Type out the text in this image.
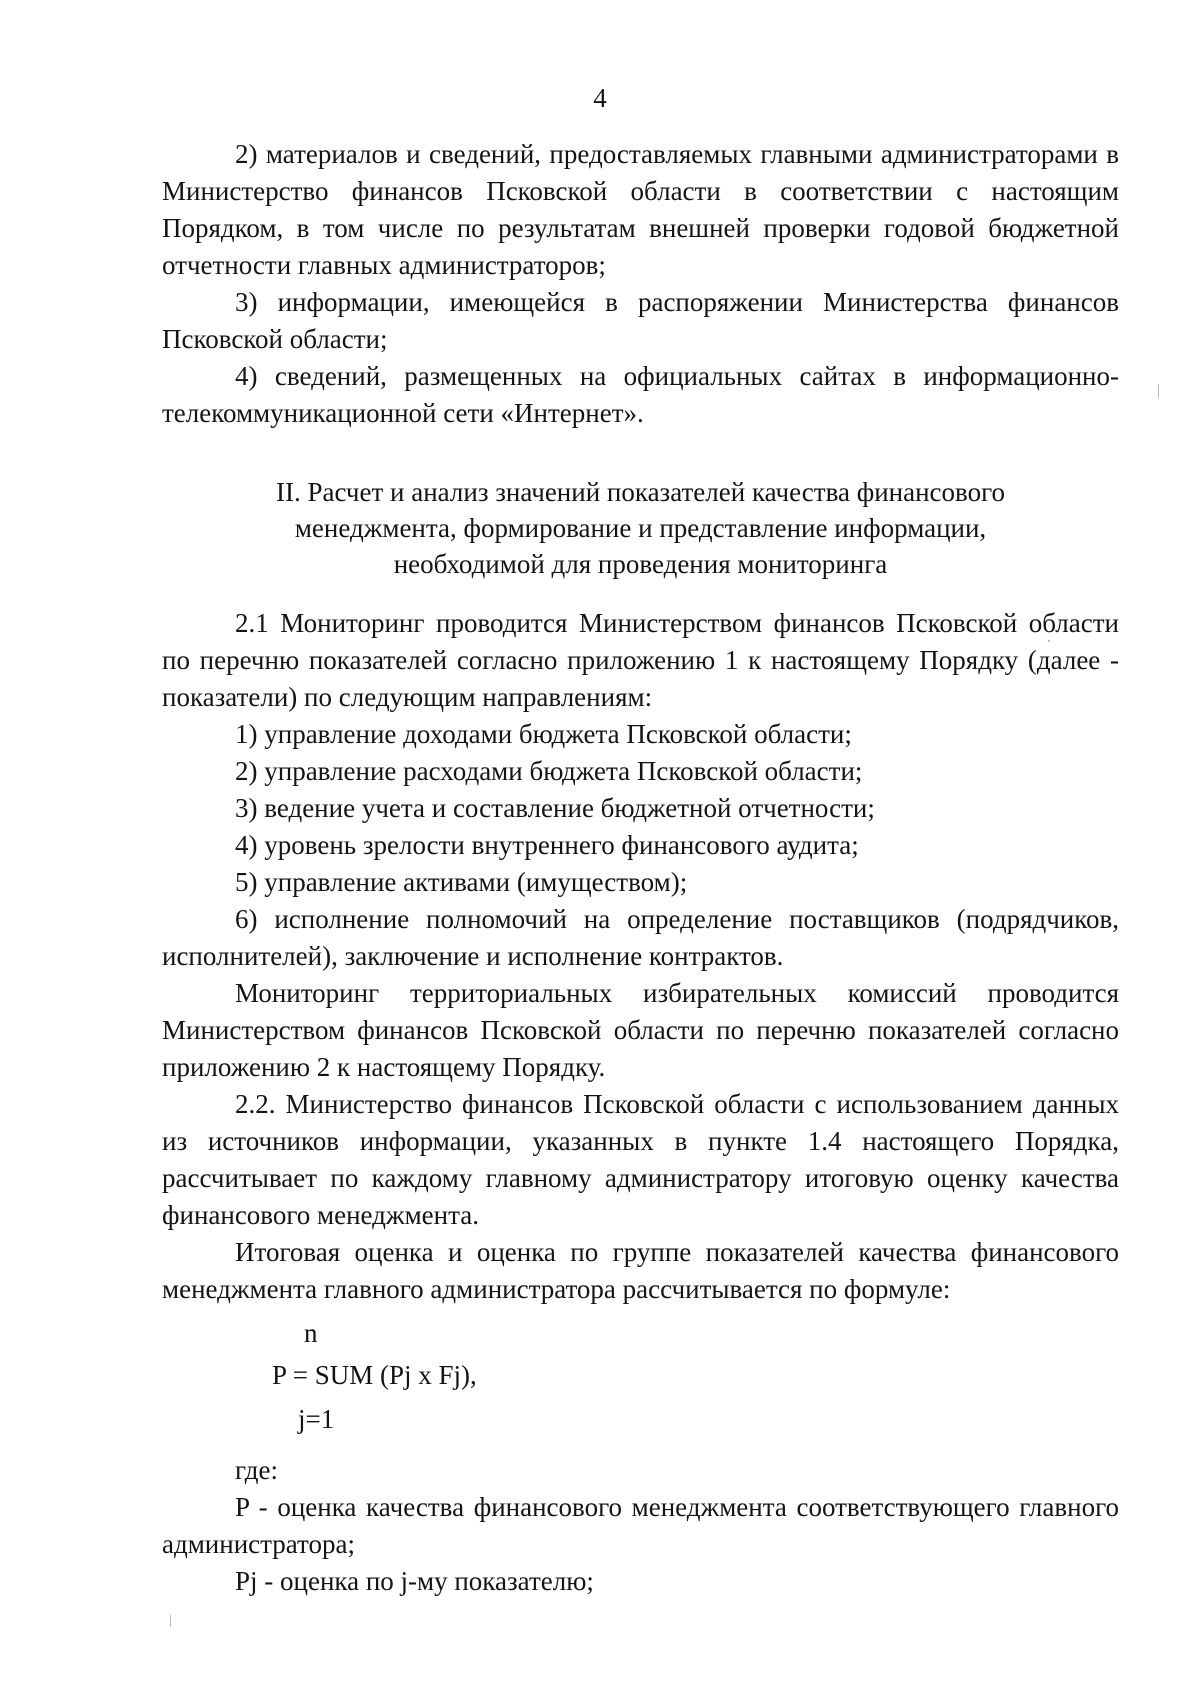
4

2) материалов и сведений, предоставляемых главными администраторами в Министерство финансов Псковской области в соответствии с настоящим Порядком, в том числе по результатам внешней проверки годовой бюджетной отчетности главных администраторов;

3) информации, имеющейся в распоряжении Министерства финансов Псковской области;

4) сведений, размещенных на официальных сайтах в информационно-телекоммуникационной сети «Интернет».

II. Расчет и анализ значений показателей качества финансового
менеджмента, формирование и представление информации,
необходимой для проведения мониторинга

2.1 Мониторинг проводится Министерством финансов Псковской области по перечню показателей согласно приложению 1 к настоящему Порядку (далее - показатели) по следующим направлениям:

1) управление доходами бюджета Псковской области;

2) управление расходами бюджета Псковской области;

3) ведение учета и составление бюджетной отчетности;

4) уровень зрелости внутреннего финансового аудита;

5) управление активами (имуществом);

6) исполнение полномочий на определение поставщиков (подрядчиков, исполнителей), заключение и исполнение контрактов.

Мониторинг территориальных избирательных комиссий проводится Министерством финансов Псковской области по перечню показателей согласно приложению 2 к настоящему Порядку.

2.2. Министерство финансов Псковской области с использованием данных из источников информации, указанных в пункте 1.4 настоящего Порядка, рассчитывает по каждому главному администратору итоговую оценку качества финансового менеджмента.

Итоговая оценка и оценка по группе показателей качества финансового менеджмента главного администратора рассчитывается по формуле:

n
P = SUM (Pj x Fj),
j=1

где:

P - оценка качества финансового менеджмента соответствующего главного администратора;

Pj - оценка по j-му показателю;
